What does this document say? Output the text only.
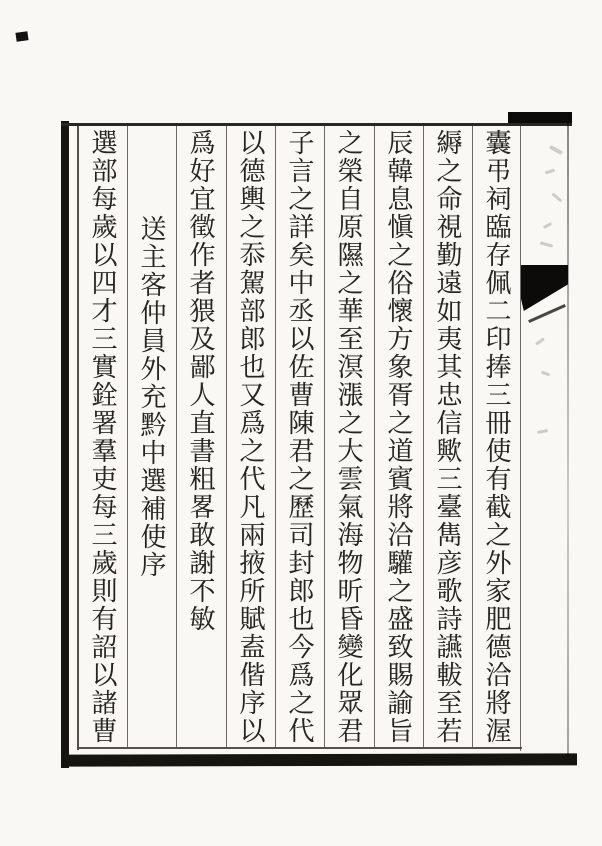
囊弔祠臨存佩二印捧三冊使有截之外家肥德洽將渥
縟之命視勤遠如夷其忠信歟三臺雋彦歌詩讌軷至若
辰韓息愼之俗懷方象胥之道賓將洽驩之盛致賜諭旨
之榮自原隰之華至溟漲之大雲氣海物昕昏變化眾君
子言之詳矣中丞以佐曹陳君之歷司封郎也今爲之代
以德輿之忝駕部郎也又爲之代凡兩掖所賦盍偕序以
爲好宜徵作者猥及鄙人直書粗畧敢謝不敏
送主客仲員外充黔中選補使序
選部每歲以四才三實銓署羣吏每三歲則有詔以諸曹
